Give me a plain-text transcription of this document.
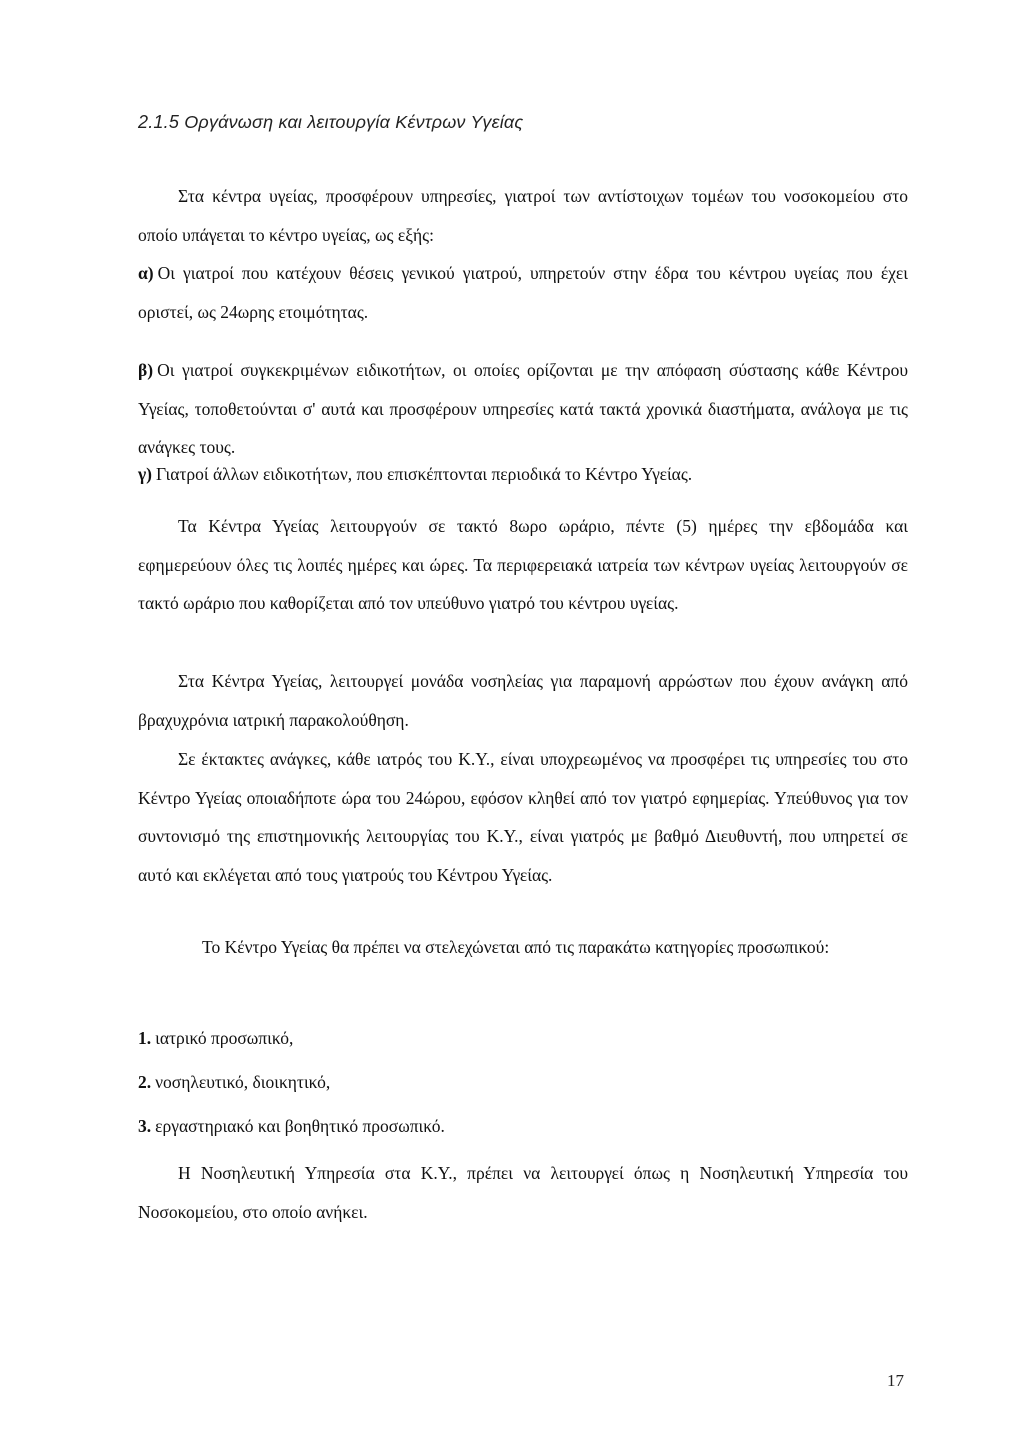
2.1.5 Οργάνωση και λειτουργία Κέντρων Υγείας

Στα κέντρα υγείας, προσφέρουν υπηρεσίες, γιατροί των αντίστοιχων τομέων του νοσοκομείου στο οποίο υπάγεται το κέντρο υγείας, ως εξής:

α) Οι γιατροί που κατέχουν θέσεις γενικού γιατρού, υπηρετούν στην έδρα του κέντρου υγείας που έχει οριστεί, ως 24ωρης ετοιμότητας.

β) Οι γιατροί συγκεκριμένων ειδικοτήτων, οι οποίες ορίζονται με την απόφαση σύστασης κάθε Κέντρου Υγείας, τοποθετούνται σ' αυτά και προσφέρουν υπηρεσίες κατά τακτά χρονικά διαστήματα, ανάλογα με τις ανάγκες τους.

γ) Γιατροί άλλων ειδικοτήτων, που επισκέπτονται περιοδικά το Κέντρο Υγείας.

Τα Κέντρα Υγείας λειτουργούν σε τακτό 8ωρο ωράριο, πέντε (5) ημέρες την εβδομάδα και εφημερεύουν όλες τις λοιπές ημέρες και ώρες. Τα περιφερειακά ιατρεία των κέντρων υγείας λειτουργούν σε τακτό ωράριο που καθορίζεται από τον υπεύθυνο γιατρό του κέντρου υγείας.

Στα Κέντρα Υγείας, λειτουργεί μονάδα νοσηλείας για παραμονή αρρώστων που έχουν ανάγκη από βραχυχρόνια ιατρική παρακολούθηση.

Σε έκτακτες ανάγκες, κάθε ιατρός του Κ.Υ., είναι υποχρεωμένος να προσφέρει τις υπηρεσίες του στο Κέντρο Υγείας οποιαδήποτε ώρα του 24ώρου, εφόσον κληθεί από τον γιατρό εφημερίας. Υπεύθυνος για τον συντονισμό της επιστημονικής λειτουργίας του Κ.Υ., είναι γιατρός με βαθμό Διευθυντή, που υπηρετεί σε αυτό και εκλέγεται από τους γιατρούς του Κέντρου Υγείας.

Το Κέντρο Υγείας θα πρέπει να στελεχώνεται από τις παρακάτω κατηγορίες προσωπικού:

1. ιατρικό προσωπικό,

2. νοσηλευτικό, διοικητικό,

3. εργαστηριακό και βοηθητικό προσωπικό.

Η Νοσηλευτική Υπηρεσία στα Κ.Υ., πρέπει να λειτουργεί όπως η Νοσηλευτική Υπηρεσία του Νοσοκομείου, στο οποίο ανήκει.

17
